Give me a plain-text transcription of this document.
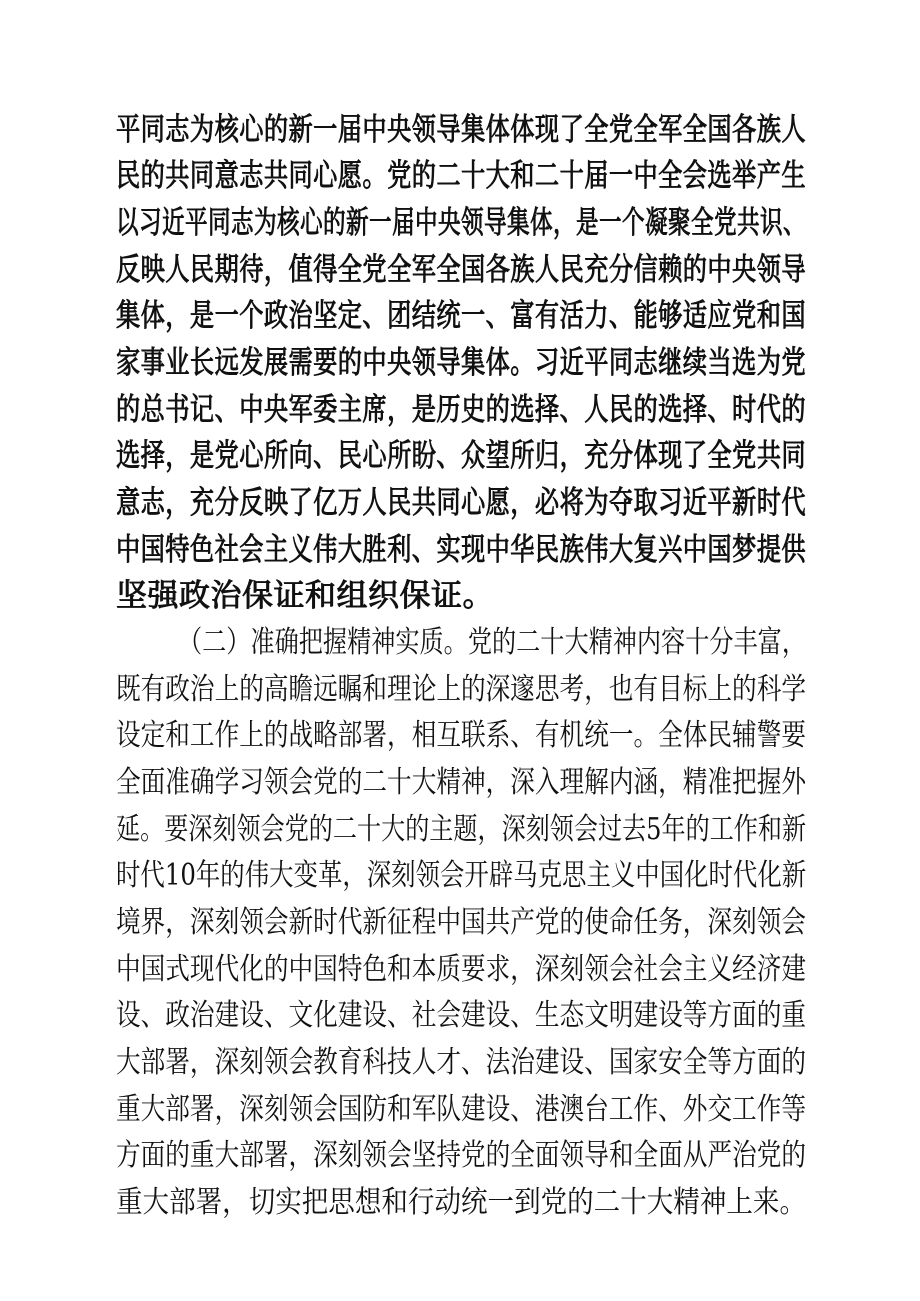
平同志为核心的新一届中央领导集体体现了全党全军全国各族人
民的共同意志共同心愿。党的二十大和二十届一中全会选举产生
以习近平同志为核心的新一届中央领导集体，是一个凝聚全党共识、
反映人民期待，值得全党全军全国各族人民充分信赖的中央领导
集体，是一个政治坚定、团结统一、富有活力、能够适应党和国
家事业长远发展需要的中央领导集体。习近平同志继续当选为党
的总书记、中央军委主席，是历史的选择、人民的选择、时代的
选择，是党心所向、民心所盼、众望所归，充分体现了全党共同
意志，充分反映了亿万人民共同心愿，必将为夺取习近平新时代
中国特色社会主义伟大胜利、实现中华民族伟大复兴中国梦提供
坚强政治保证和组织保证。
（二）准确把握精神实质。党的二十大精神内容十分丰富，
既有政治上的高瞻远瞩和理论上的深邃思考，也有目标上的科学
设定和工作上的战略部署，相互联系、有机统一。全体民辅警要
全面准确学习领会党的二十大精神，深入理解内涵，精准把握外
延。要深刻领会党的二十大的主题，深刻领会过去5年的工作和新
时代10年的伟大变革，深刻领会开辟马克思主义中国化时代化新
境界，深刻领会新时代新征程中国共产党的使命任务，深刻领会
中国式现代化的中国特色和本质要求，深刻领会社会主义经济建
设、政治建设、文化建设、社会建设、生态文明建设等方面的重
大部署，深刻领会教育科技人才、法治建设、国家安全等方面的
重大部署，深刻领会国防和军队建设、港澳台工作、外交工作等
方面的重大部署，深刻领会坚持党的全面领导和全面从严治党的
重大部署，切实把思想和行动统一到党的二十大精神上来。
